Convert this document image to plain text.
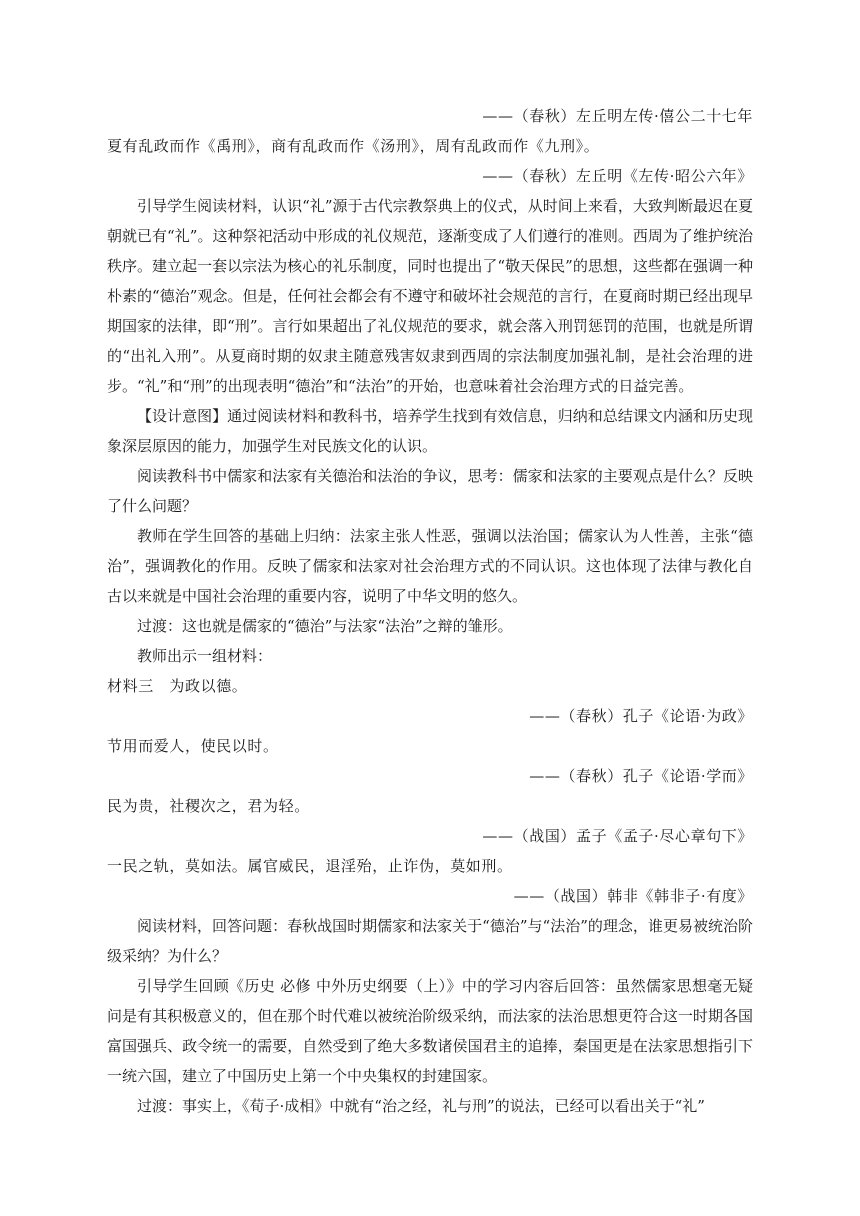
——（春秋）左丘明左传·僖公二十七年

夏有乱政而作《禹刑》，商有乱政而作《汤刑》，周有乱政而作《九刑》。

——（春秋）左丘明《左传·昭公六年》

引导学生阅读材料，认识“礼”源于古代宗教祭典上的仪式，从时间上来看，大致判断最迟在夏朝就已有“礼”。这种祭祀活动中形成的礼仪规范，逐渐变成了人们遵行的准则。西周为了维护统治秩序。建立起一套以宗法为核心的礼乐制度，同时也提出了“敬天保民”的思想，这些都在强调一种朴素的“德治”观念。但是，任何社会都会有不遵守和破坏社会规范的言行，在夏商时期已经出现早期国家的法律，即“刑”。言行如果超出了礼仪规范的要求，就会落入刑罚惩罚的范围，也就是所谓的“出礼入刑”。从夏商时期的奴隶主随意残害奴隶到西周的宗法制度加强礼制，是社会治理的进步。“礼”和“刑”的出现表明“德治”和“法治”的开始，也意味着社会治理方式的日益完善。

【设计意图】通过阅读材料和教科书，培养学生找到有效信息，归纳和总结课文内涵和历史现象深层原因的能力，加强学生对民族文化的认识。

阅读教科书中儒家和法家有关德治和法治的争议，思考：儒家和法家的主要观点是什么？反映了什么问题？

教师在学生回答的基础上归纳：法家主张人性恶，强调以法治国；儒家认为人性善，主张“德治”，强调教化的作用。反映了儒家和法家对社会治理方式的不同认识。这也体现了法律与教化自古以来就是中国社会治理的重要内容，说明了中华文明的悠久。

过渡：这也就是儒家的“德治”与法家“法治”之辩的雏形。

教师出示一组材料：

材料三　为政以德。

——（春秋）孔子《论语·为政》

节用而爱人，使民以时。

——（春秋）孔子《论语·学而》

民为贵，社稷次之，君为轻。

——（战国）孟子《孟子·尽心章句下》

一民之轨，莫如法。属官威民，退淫殆，止诈伪，莫如刑。

——（战国）韩非《韩非子·有度》

阅读材料，回答问题：春秋战国时期儒家和法家关于“德治”与“法治”的理念，谁更易被统治阶级采纳？为什么？

引导学生回顾《历史 必修 中外历史纲要（上）》中的学习内容后回答：虽然儒家思想毫无疑问是有其积极意义的，但在那个时代难以被统治阶级采纳，而法家的法治思想更符合这一时期各国富国强兵、政令统一的需要，自然受到了绝大多数诸侯国君主的追捧，秦国更是在法家思想指引下一统六国，建立了中国历史上第一个中央集权的封建国家。

过渡：事实上，《荀子·成相》中就有“治之经，礼与刑”的说法，已经可以看出关于“礼”
